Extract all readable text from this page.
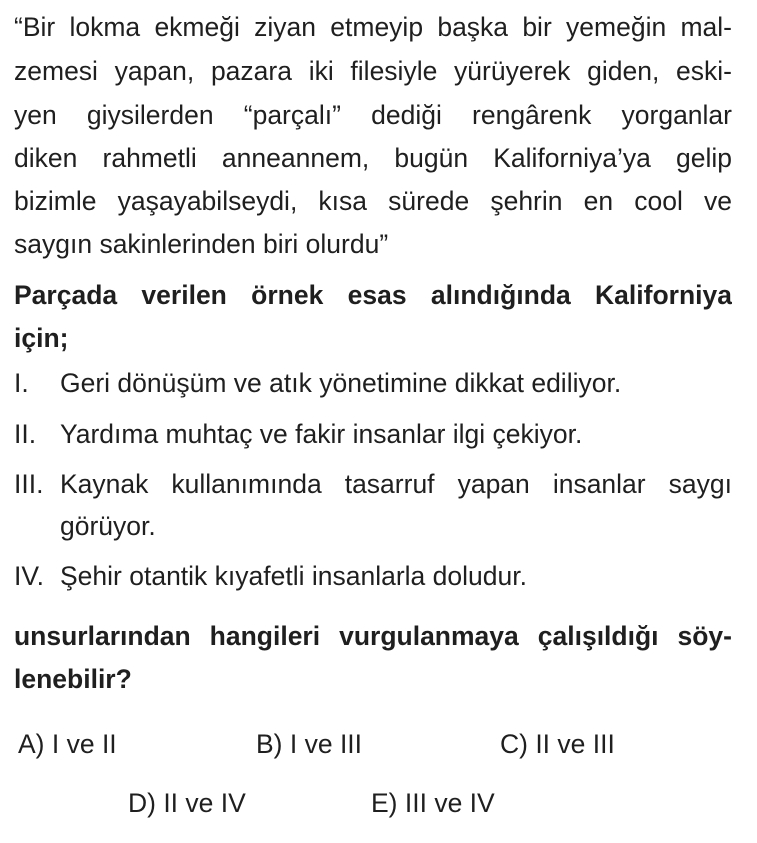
“Bir lokma ekmeği ziyan etmeyip başka bir yemeğin mal-
zemesi yapan, pazara iki filesiyle yürüyerek giden, eski-
yen giysilerden “parçalı” dediği rengârenk yorganlar
diken rahmetli anneannem, bugün Kaliforniya’ya gelip
bizimle yaşayabilseydi, kısa sürede şehrin en cool ve
saygın sakinlerinden biri olurdu”
Parçada verilen örnek esas alındığında Kaliforniya
için;
I. Geri dönüşüm ve atık yönetimine dikkat ediliyor.
II. Yardıma muhtaç ve fakir insanlar ilgi çekiyor.
III. Kaynak kullanımında tasarruf yapan insanlar saygı
görüyor.
IV. Şehir otantik kıyafetli insanlarla doludur.
unsurlarından hangileri vurgulanmaya çalışıldığı söy-
lenebilir?
A) I ve II	B) I ve III	C) II ve III
D) II ve IV	E) III ve IV
